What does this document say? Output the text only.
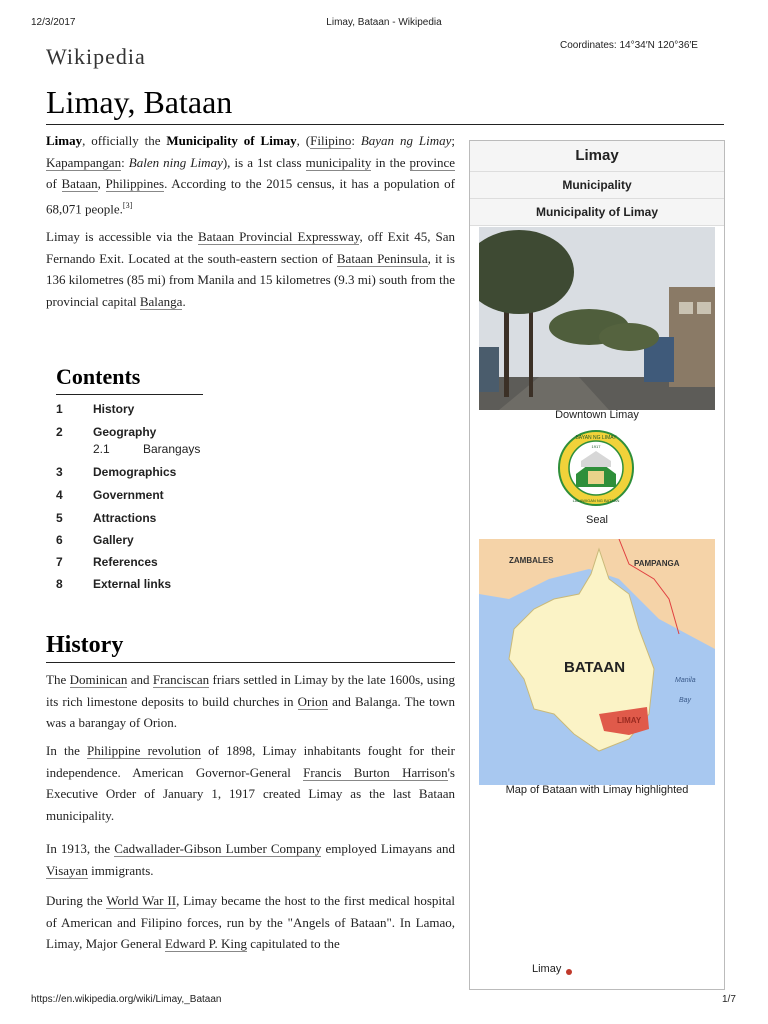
12/3/2017	Limay, Bataan - Wikipedia
Wikipedia	Coordinates: 14°34′N 120°36′E
Limay, Bataan
Limay, officially the Municipality of Limay, (Filipino: Bayan ng Limay; Kapampangan: Balen ning Limay), is a 1st class municipality in the province of Bataan, Philippines. According to the 2015 census, it has a population of 68,071 people.[3]
Limay is accessible via the Bataan Provincial Expressway, off Exit 45, San Fernando Exit. Located at the south-eastern section of Bataan Peninsula, it is 136 kilometres (85 mi) from Manila and 15 kilometres (9.3 mi) south from the provincial capital Balanga.
Contents
1	History
2	Geography
2.1	Barangays
3	Demographics
4	Government
5	Attractions
6	Gallery
7	References
8	External links
History
The Dominican and Franciscan friars settled in Limay by the late 1600s, using its rich limestone deposits to build churches in Orion and Balanga. The town was a barangay of Orion.
In the Philippine revolution of 1898, Limay inhabitants fought for their independence. American Governor-General Francis Burton Harrison's Executive Order of January 1, 1917 created Limay as the last Bataan municipality.
In 1913, the Cadwallader-Gibson Lumber Company employed Limayans and Visayan immigrants.
During the World War II, Limay became the host to the first medical hospital of American and Filipino forces, run by the "Angels of Bataan". In Lamao, Limay, Major General Edward P. King capitulated to the
Limay
Municipality
Municipality of Limay
Downtown Limay
BAYAN NG LIMAY
LALAWIGAN NG BATAAN
1917
Seal
ZAMBALES	PAMPANGA
BATAAN
Manila
Bay
LIMAY
Map of Bataan with Limay highlighted
Limay
https://en.wikipedia.org/wiki/Limay,_Bataan	1/7
